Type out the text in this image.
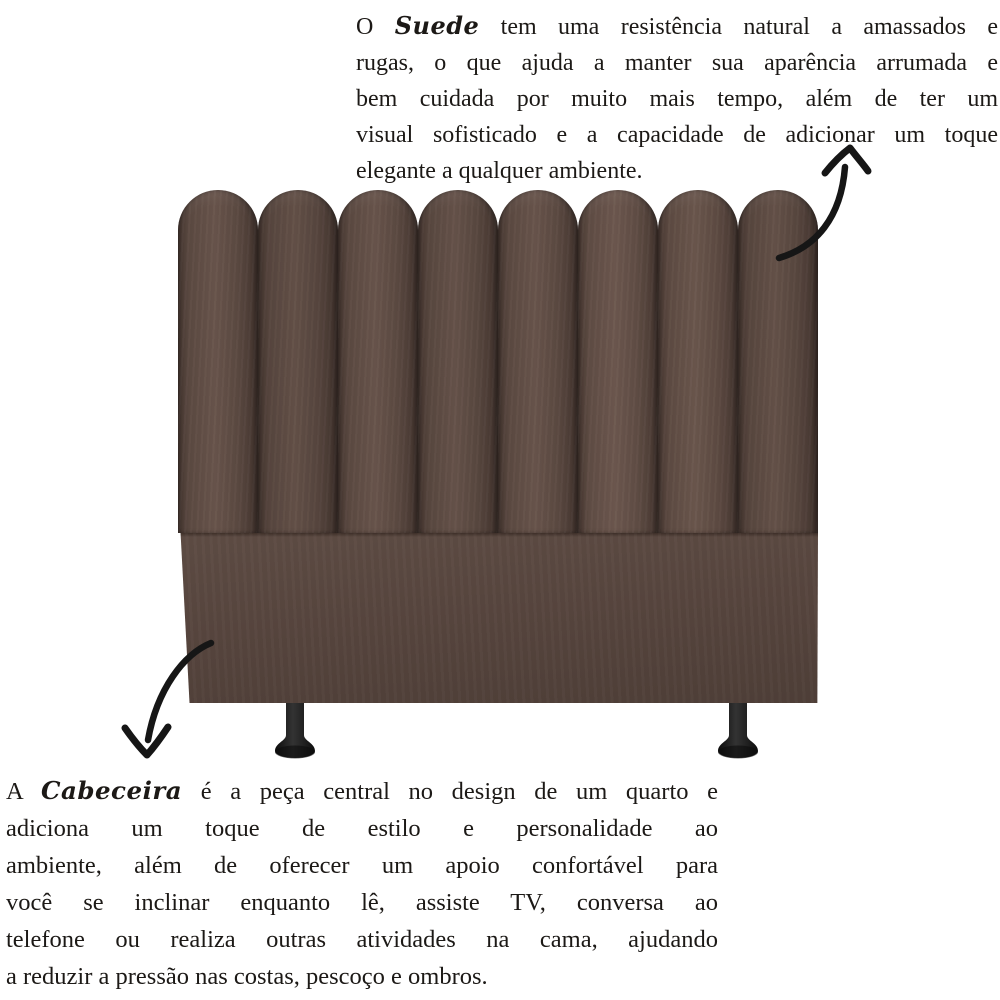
O Suede tem uma resistência natural a amassados e
rugas, o que ajuda a manter sua aparência arrumada e
bem cuidada por muito mais tempo, além de ter um
visual sofisticado e a capacidade de adicionar um toque
elegante a qualquer ambiente.
A Cabeceira é a peça central no design de um quarto e
adiciona um toque de estilo e personalidade ao
ambiente, além de oferecer um apoio confortável para
você se inclinar enquanto lê, assiste TV, conversa ao
telefone ou realiza outras atividades na cama, ajudando
a reduzir a pressão nas costas, pescoço e ombros.
